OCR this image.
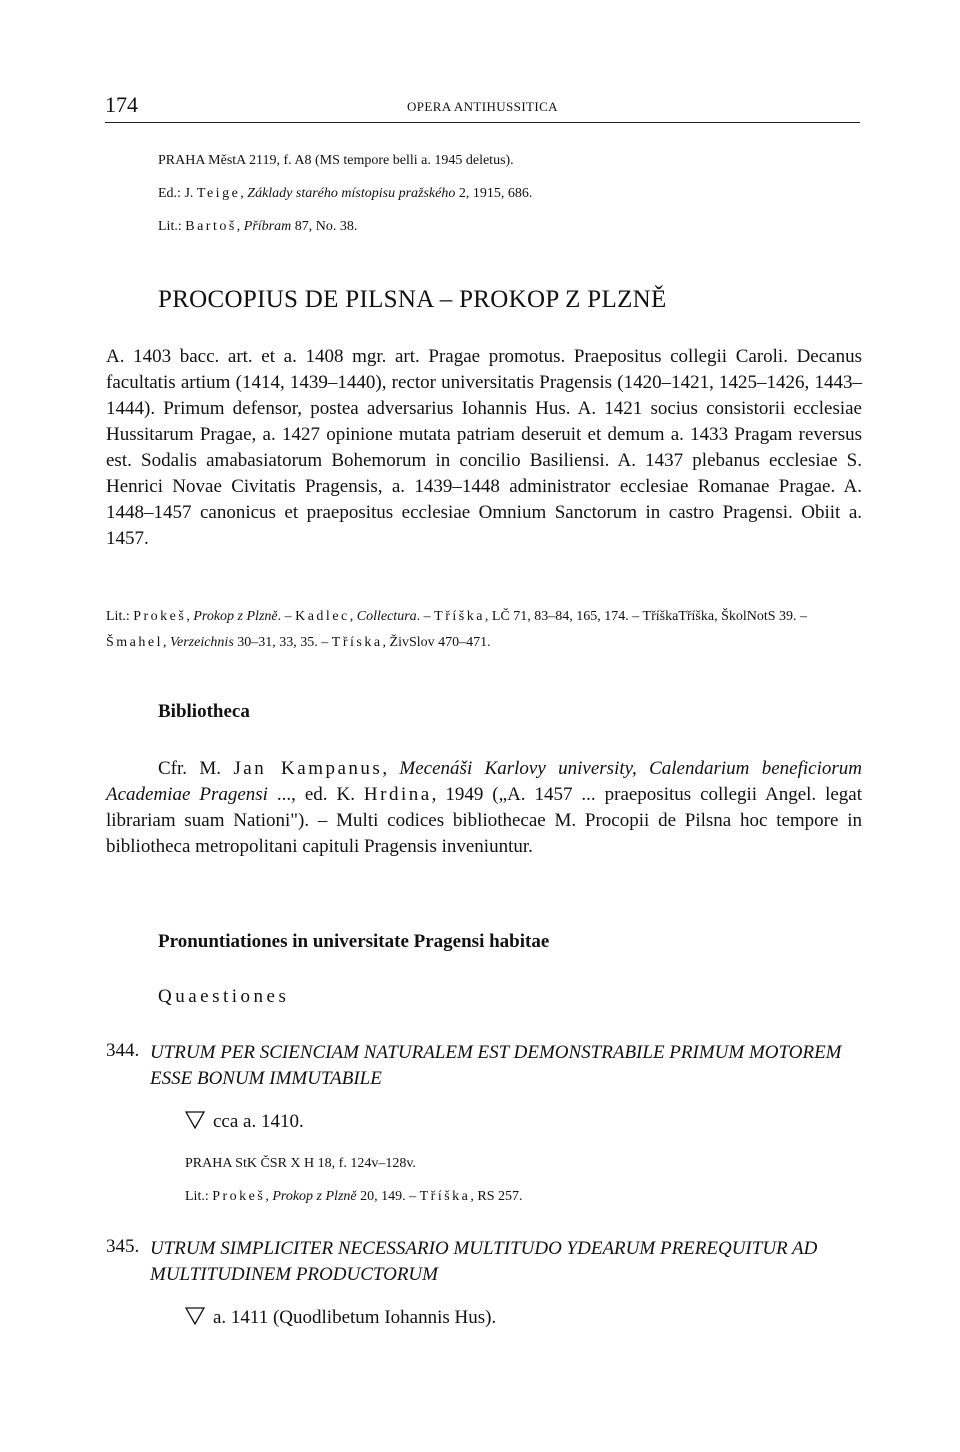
174	OPERA ANTIHUSSITICA
PRAHA MěstA 2119, f. A8 (MS tempore belli a. 1945 deletus).
Ed.: J. Teige, Základy starého místopisu pražského 2, 1915, 686.
Lit.: Bartoš, Příbram 87, No. 38.
PROCOPIUS DE PILSNA – PROKOP Z PLZNĚ

A. 1403 bacc. art. et a. 1408 mgr. art. Pragae promotus. Praepositus collegii Caroli. Decanus facultatis artium (1414, 1439–1440), rector universitatis Pragensis (1420–1421, 1425–1426, 1443–1444). Primum defensor, postea adversarius Iohannis Hus. A. 1421 socius consistorii ecclesiae Hussitarum Pragae, a. 1427 opinione mutata patriam deseruit et demum a. 1433 Pragam reversus est. Sodalis amabasiatorum Bohemorum in concilio Basiliensi. A. 1437 plebanus ecclesiae S. Henrici Novae Civitatis Pragensis, a. 1439–1448 administrator ecclesiae Romanae Pragae. A. 1448–1457 canonicus et praepositus ecclesiae Omnium Sanctorum in castro Pragensi. Obiit a. 1457.

Lit.: Prokeš, Prokop z Plzně. – Kadlec, Collectura. – Tříška, LČ 71, 83–84, 165, 174. – TříškaTříška, ŠkolNotS 39. – Šmahel, Verzeichnis 30–31, 33, 35. – Tříska, ŽivSlov 470–471.

Bibliotheca

Cfr. M. Jan Kampanus, Mecenáši Karlovy university, Calendarium beneficiorum Academiae Pragensi ..., ed. K. Hrdina, 1949 („A. 1457 ... praepositus collegii Angel. legat librariam suam Nationi"). – Multi codices bibliothecae M. Procopii de Pilsna hoc tempore in bibliotheca metropolitani capituli Pragensis inveniuntur.

Pronuntiationes in universitate Pragensi habitae
Quaestiones
344. UTRUM PER SCIENCIAM NATURALEM EST DEMONSTRABILE PRIMUM MOTOREM ESSE BONUM IMMUTABILE

cca a. 1410.
PRAHA StK ČSR X H 18, f. 124v–128v.
Lit.: Prokeš, Prokop z Plzně 20, 149. – Tříška, RS 257.
345. UTRUM SIMPLICITER NECESSARIO MULTITUDO YDEARUM PREREQUITUR AD MULTITUDINEM PRODUCTORUM

a. 1411 (Quodlibetum Iohannis Hus).
